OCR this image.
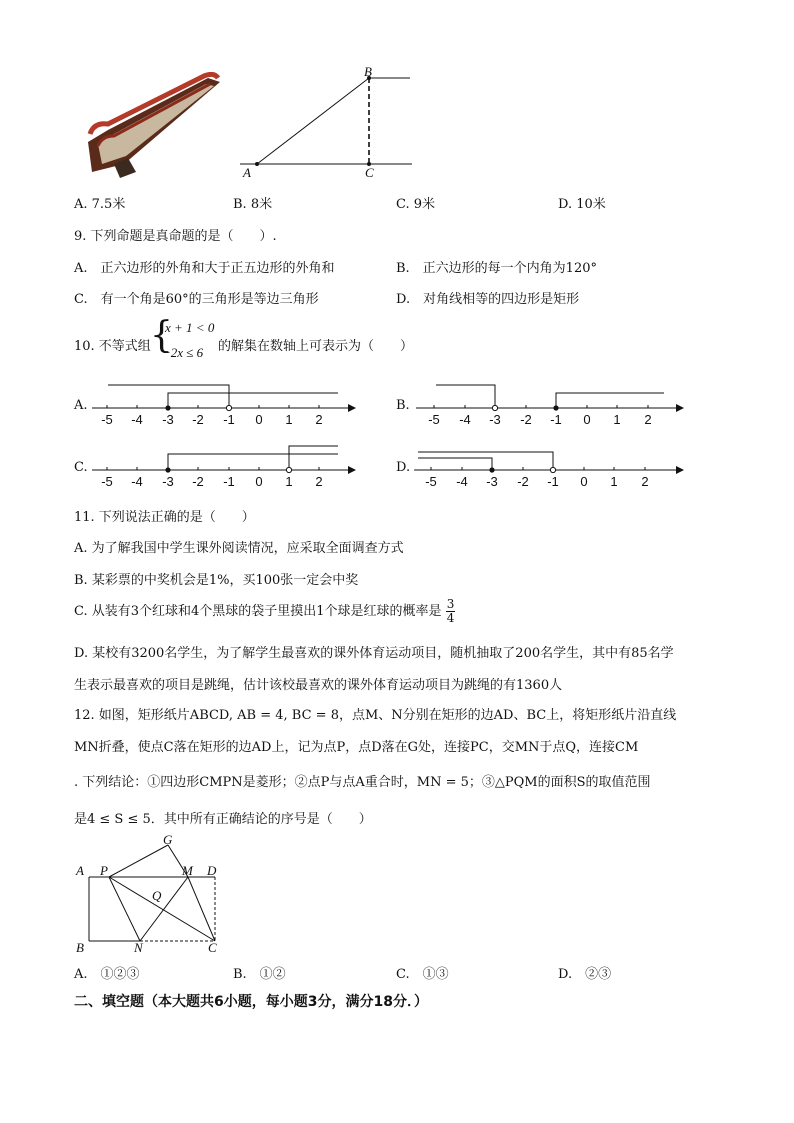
B
A	C
A. 7.5米	B. 8米	C. 9米	D. 10米
9. 下列命题是真命题的是（　　）.
A.　正六边形的外角和大于正五边形的外角和	B.　正六边形的每一个内角为120°
C.　有一个角是60°的三角形是等边三角形	D.　对角线相等的四边形是矩形
10. 不等式组 {
x + 1 < 0
−2x ≤ 6 的解集在数轴上可表示为（　　）
A.
-5 -4 -3 -2 -1 0 1 2
B.
-5 -4 -3 -2 -1 0 1 2
C.
-5 -4 -3 -2 -1 0 1 2
D.
-5 -4 -3 -2 -1 0 1 2
11. 下列说法正确的是（　　）
A. 为了解我国中学生课外阅读情况，应采取全面调查方式
B. 某彩票的中奖机会是1%，买100张一定会中奖
C. 从装有3个红球和4个黑球的袋子里摸出1个球是红球的概率是 $\frac{3}{4}$
D. 某校有3200名学生，为了解学生最喜欢的课外体育运动项目，随机抽取了200名学生，其中有85名学
生表示最喜欢的项目是跳绳，估计该校最喜欢的课外体育运动项目为跳绳的有1360人
12. 如图，矩形纸片ABCD, AB = 4, BC = 8，点M、N分别在矩形的边AD、BC上，将矩形纸片沿直线
MN折叠，使点C落在矩形的边AD上，记为点P，点D落在G处，连接PC，交MN于点Q，连接CM
. 下列结论：①四边形CMPN是菱形；②点P与点A重合时，MN = 5；③△PQM的面积S的取值范围
是4 ≤ S ≤ 5．其中所有正确结论的序号是（　　）
G
A P	M D
Q
B	N	C
A.　①②③	B.　①②	C.　①③	D.　②③
二、填空题（本大题共6小题，每小题3分，满分18分．）
